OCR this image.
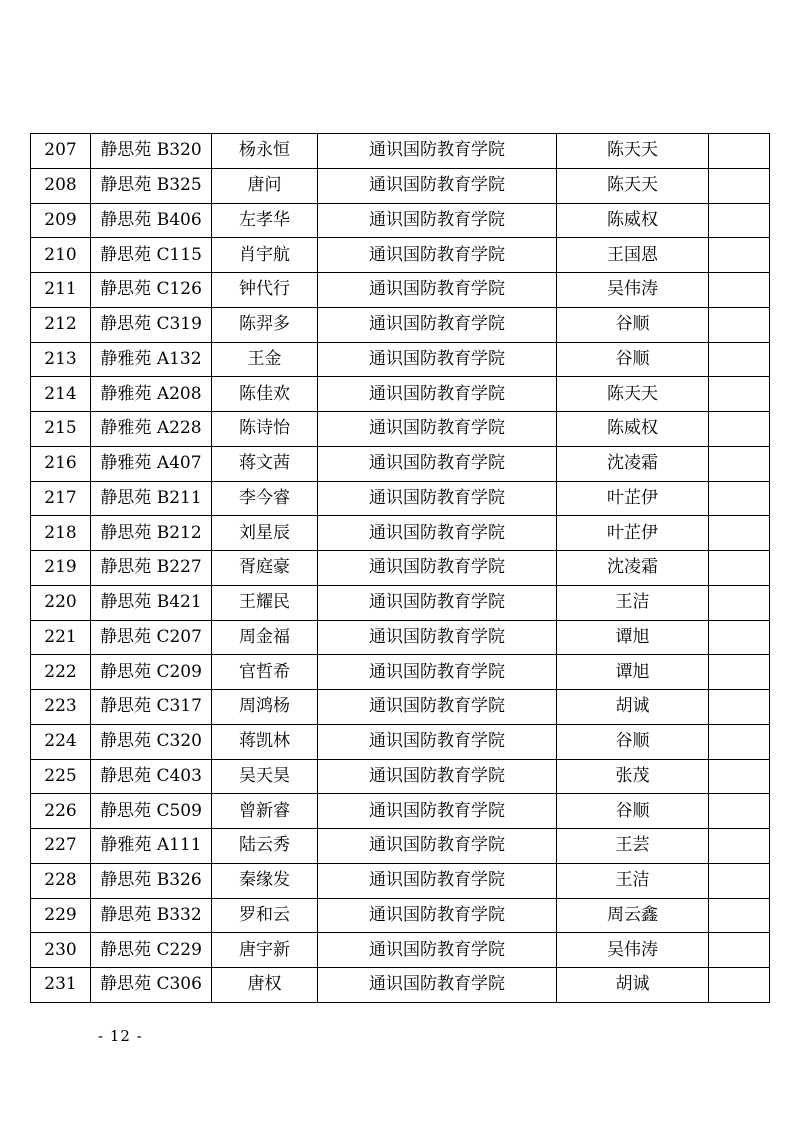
207	静思苑 B320	杨永恒	通识国防教育学院	陈天天	
208	静思苑 B325	唐问	通识国防教育学院	陈天天	
209	静思苑 B406	左孝华	通识国防教育学院	陈威权	
210	静思苑 C115	肖宇航	通识国防教育学院	王国恩	
211	静思苑 C126	钟代行	通识国防教育学院	吴伟涛	
212	静思苑 C319	陈羿多	通识国防教育学院	谷顺	
213	静雅苑 A132	王金	通识国防教育学院	谷顺	
214	静雅苑 A208	陈佳欢	通识国防教育学院	陈天天	
215	静雅苑 A228	陈诗怡	通识国防教育学院	陈威权	
216	静雅苑 A407	蒋文茜	通识国防教育学院	沈凌霜	
217	静思苑 B211	李今睿	通识国防教育学院	叶芷伊	
218	静思苑 B212	刘星辰	通识国防教育学院	叶芷伊	
219	静思苑 B227	胥庭豪	通识国防教育学院	沈凌霜	
220	静思苑 B421	王耀民	通识国防教育学院	王洁	
221	静思苑 C207	周金福	通识国防教育学院	谭旭	
222	静思苑 C209	官哲希	通识国防教育学院	谭旭	
223	静思苑 C317	周鸿杨	通识国防教育学院	胡诚	
224	静思苑 C320	蒋凯林	通识国防教育学院	谷顺	
225	静思苑 C403	吴天昊	通识国防教育学院	张茂	
226	静思苑 C509	曾新睿	通识国防教育学院	谷顺	
227	静雅苑 A111	陆云秀	通识国防教育学院	王芸	
228	静思苑 B326	秦缘发	通识国防教育学院	王洁	
229	静思苑 B332	罗和云	通识国防教育学院	周云鑫	
230	静思苑 C229	唐宇新	通识国防教育学院	吴伟涛	
231	静思苑 C306	唐权	通识国防教育学院	胡诚	
- 12 -
